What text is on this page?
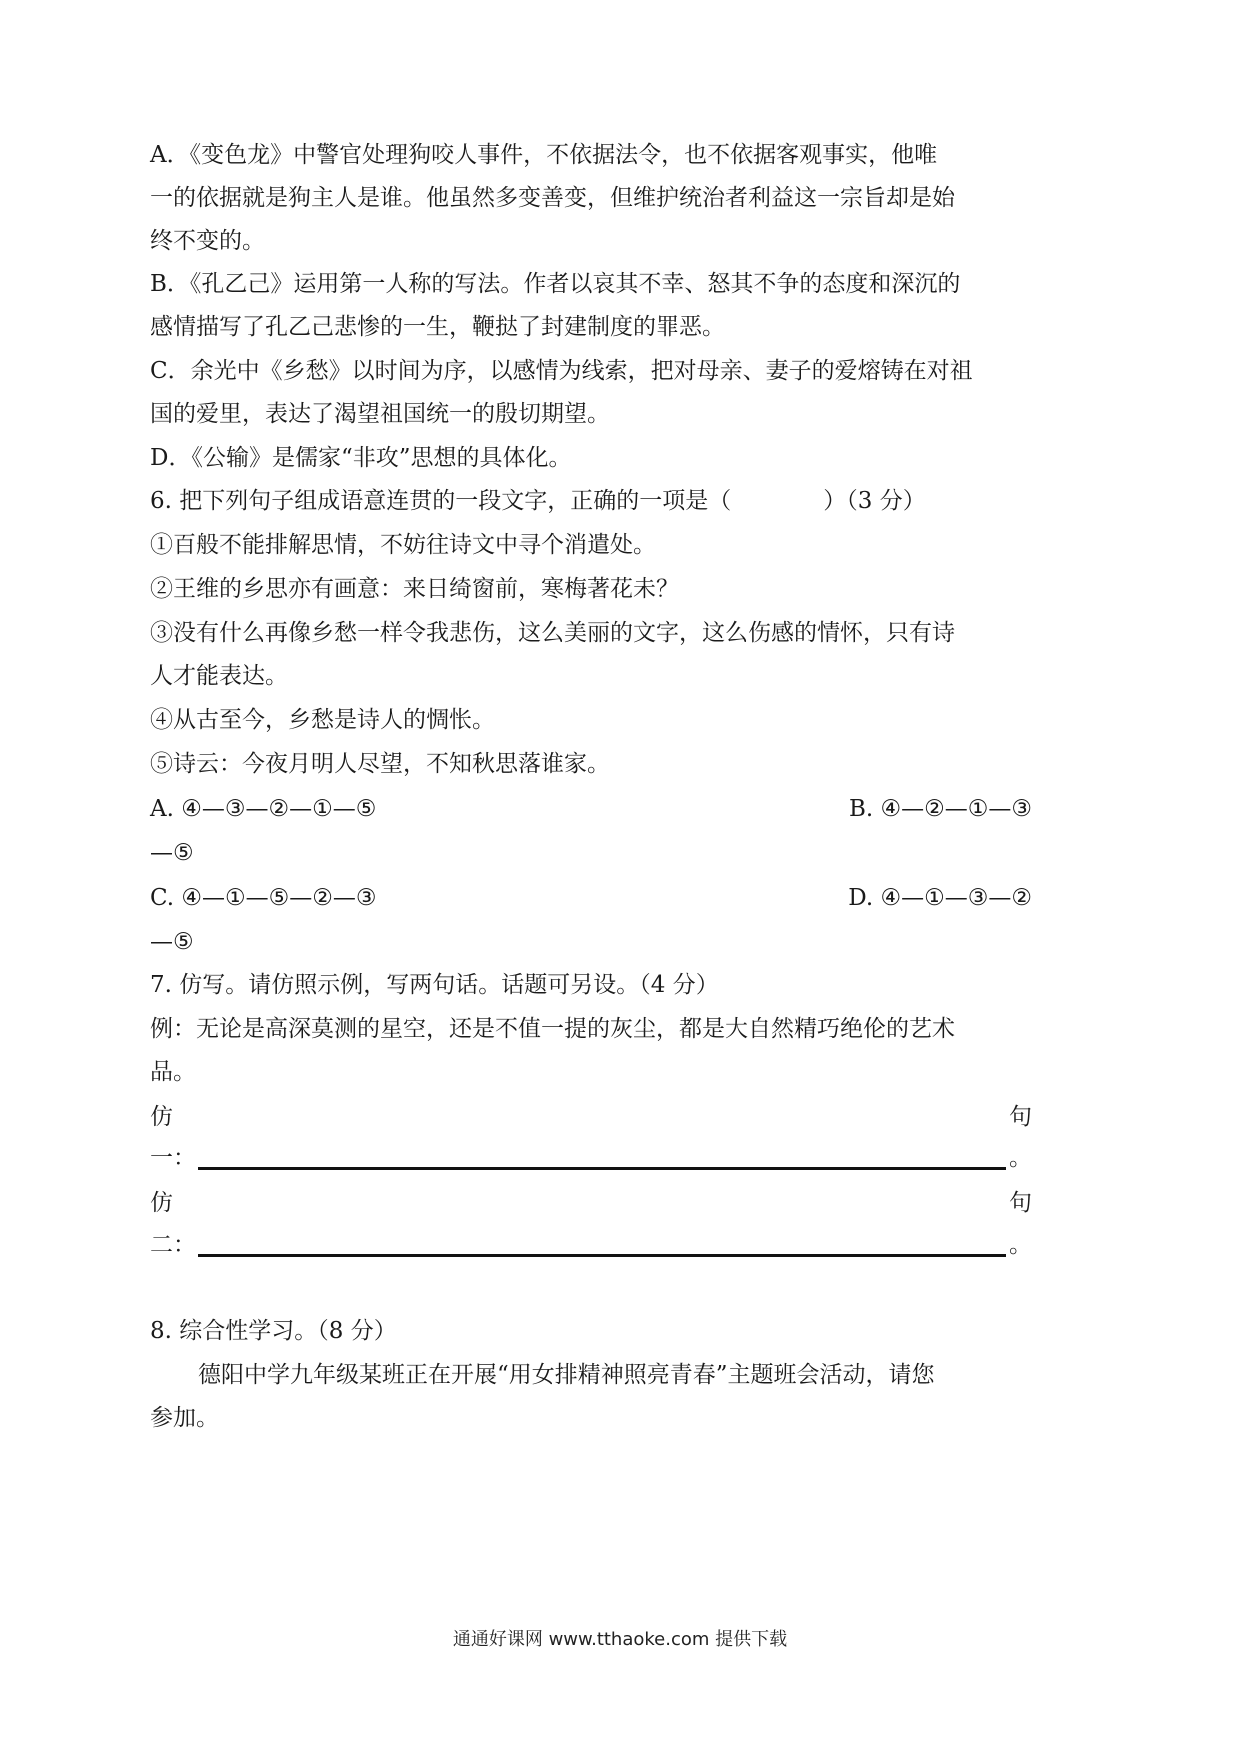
A．《变色龙》中警官处理狗咬人事件，不依据法令，也不依据客观事实，他唯
一的依据就是狗主人是谁。他虽然多变善变，但维护统治者利益这一宗旨却是始
终不变的。
B．《孔乙己》运用第一人称的写法。作者以哀其不幸、怒其不争的态度和深沉的
感情描写了孔乙己悲惨的一生，鞭挞了封建制度的罪恶。
C．余光中《乡愁》以时间为序，以感情为线索，把对母亲、妻子的爱熔铸在对祖
国的爱里，表达了渴望祖国统一的殷切期望。
D．《公输》是儒家“非攻”思想的具体化。
6. 把下列句子组成语意连贯的一段文字，正确的一项是（　　　　）（3 分）
①百般不能排解思情，不妨往诗文中寻个消遣处。
②王维的乡思亦有画意：来日绮窗前，寒梅著花未？
③没有什么再像乡愁一样令我悲伤，这么美丽的文字，这么伤感的情怀，只有诗
人才能表达。
④从古至今，乡愁是诗人的惆怅。
⑤诗云：今夜月明人尽望，不知秋思落谁家。
A. ④—③—②—①—⑤	B. ④—②—①—③
—⑤
C. ④—①—⑤—②—③	D. ④—①—③—②
—⑤
7. 仿写。请仿照示例，写两句话。话题可另设。（4 分）
例：无论是高深莫测的星空，还是不值一提的灰尘，都是大自然精巧绝伦的艺术
品。
仿	句
一：	。
仿	句
二：	。
8. 综合性学习。（8 分）
德阳中学九年级某班正在开展“用女排精神照亮青春”主题班会活动，请您
参加。
通通好课网 www.tthaoke.com 提供下载
